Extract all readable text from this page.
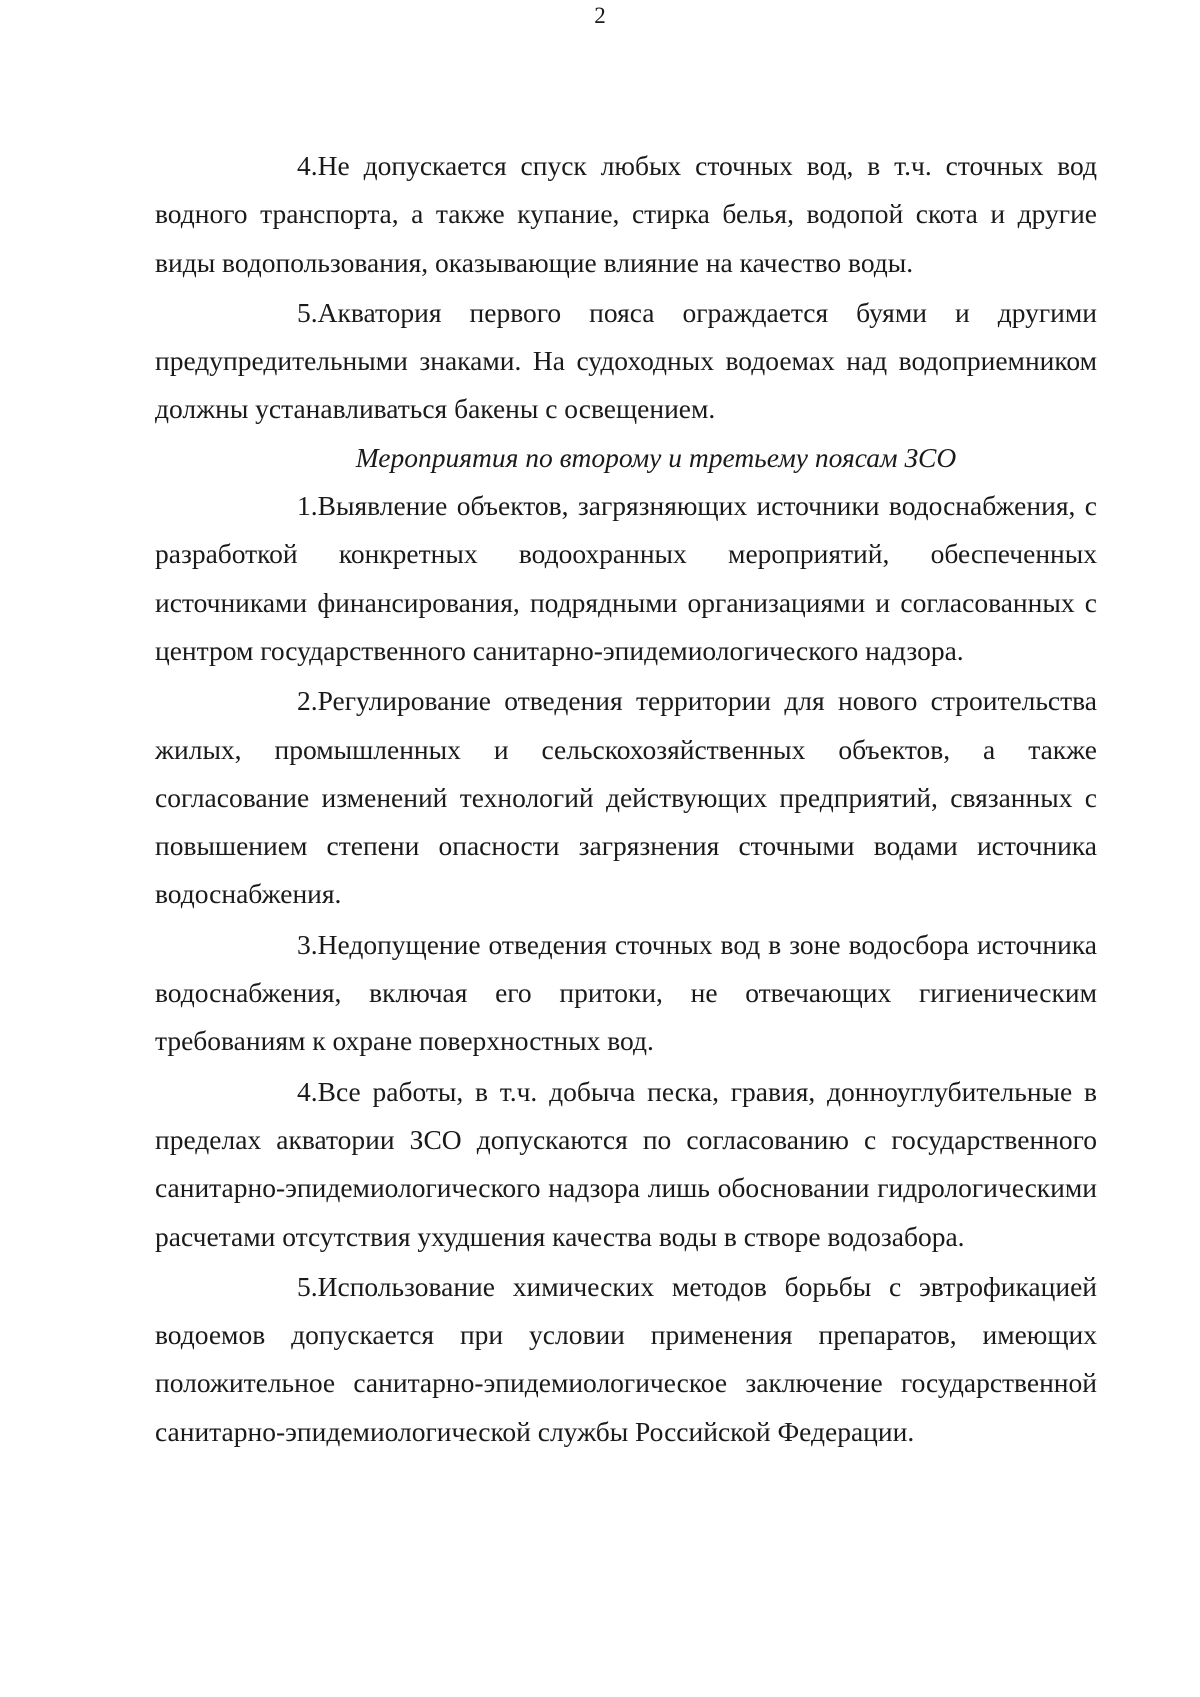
2

4.Не допускается спуск любых сточных вод, в т.ч. сточных вод водного транспорта, а также купание, стирка белья, водопой скота и другие виды водопользования, оказывающие влияние на качество воды.

5.Акватория первого пояса ограждается буями и другими предупредительными знаками. На судоходных водоемах над водоприемником должны устанавливаться бакены с освещением.

Мероприятия по второму и третьему поясам ЗСО

1.Выявление объектов, загрязняющих источники водоснабжения, с разработкой конкретных водоохранных мероприятий, обеспеченных источниками финансирования, подрядными организациями и согласованных с центром государственного санитарно-эпидемиологического надзора.

2.Регулирование отведения территории для нового строительства жилых, промышленных и сельскохозяйственных объектов, а также согласование изменений технологий действующих предприятий, связанных с повышением степени опасности загрязнения сточными водами источника водоснабжения.

3.Недопущение отведения сточных вод в зоне водосбора источника водоснабжения, включая его притоки, не отвечающих гигиеническим требованиям к охране поверхностных вод.

4.Все работы, в т.ч. добыча песка, гравия, донноуглубительные в пределах акватории ЗСО допускаются по согласованию с государственного санитарно-эпидемиологического надзора лишь обосновании гидрологическими расчетами отсутствия ухудшения качества воды в створе водозабора.

5.Использование химических методов борьбы с эвтрофикацией водоемов допускается при условии применения препаратов, имеющих положительное санитарно-эпидемиологическое заключение государственной санитарно-эпидемиологической службы Российской Федерации.
